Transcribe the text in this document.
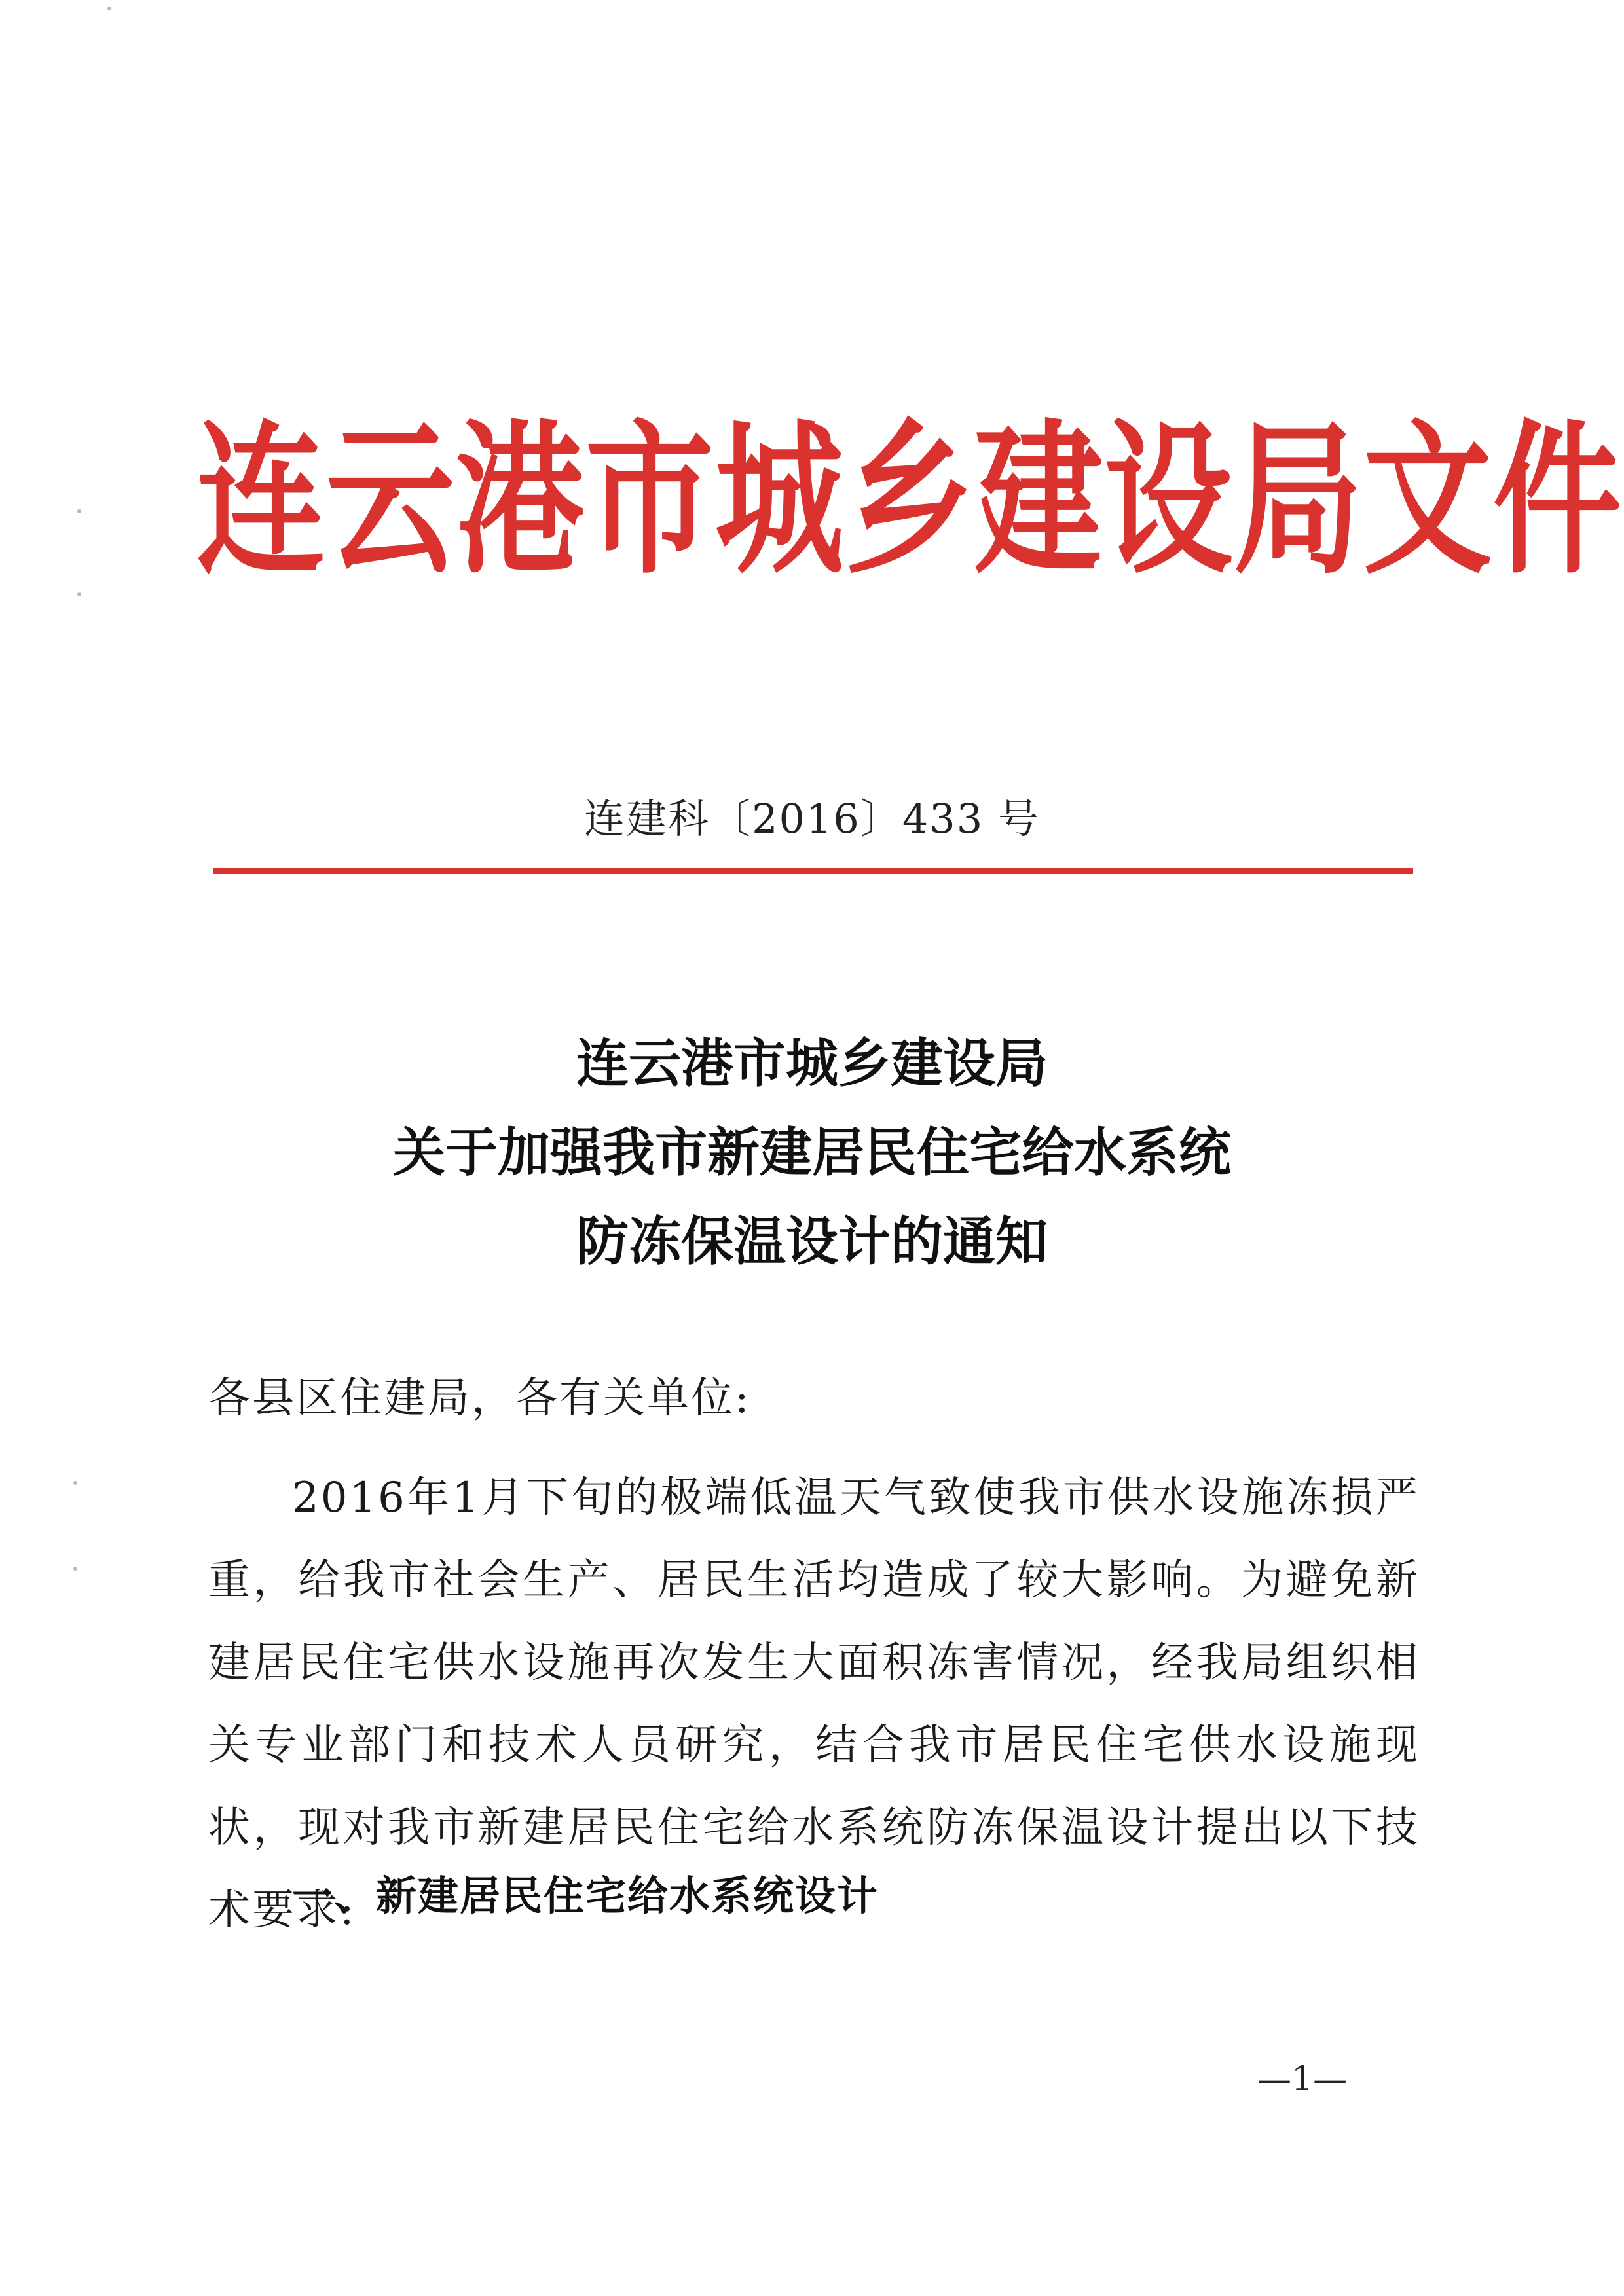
连云港市城乡建设局文件
连建科〔2016〕433 号
连云港市城乡建设局
关于加强我市新建居民住宅给水系统
防冻保温设计的通知
各县区住建局，各有关单位:
2016年1月下旬的极端低温天气致使我市供水设施冻损严重，给我市社会生产、居民生活均造成了较大影响。为避免新建居民住宅供水设施再次发生大面积冻害情况，经我局组织相关专业部门和技术人员研究，结合我市居民住宅供水设施现状，现对我市新建居民住宅给水系统防冻保温设计提出以下技术要求:
一、新建居民住宅给水系统设计
—1—
